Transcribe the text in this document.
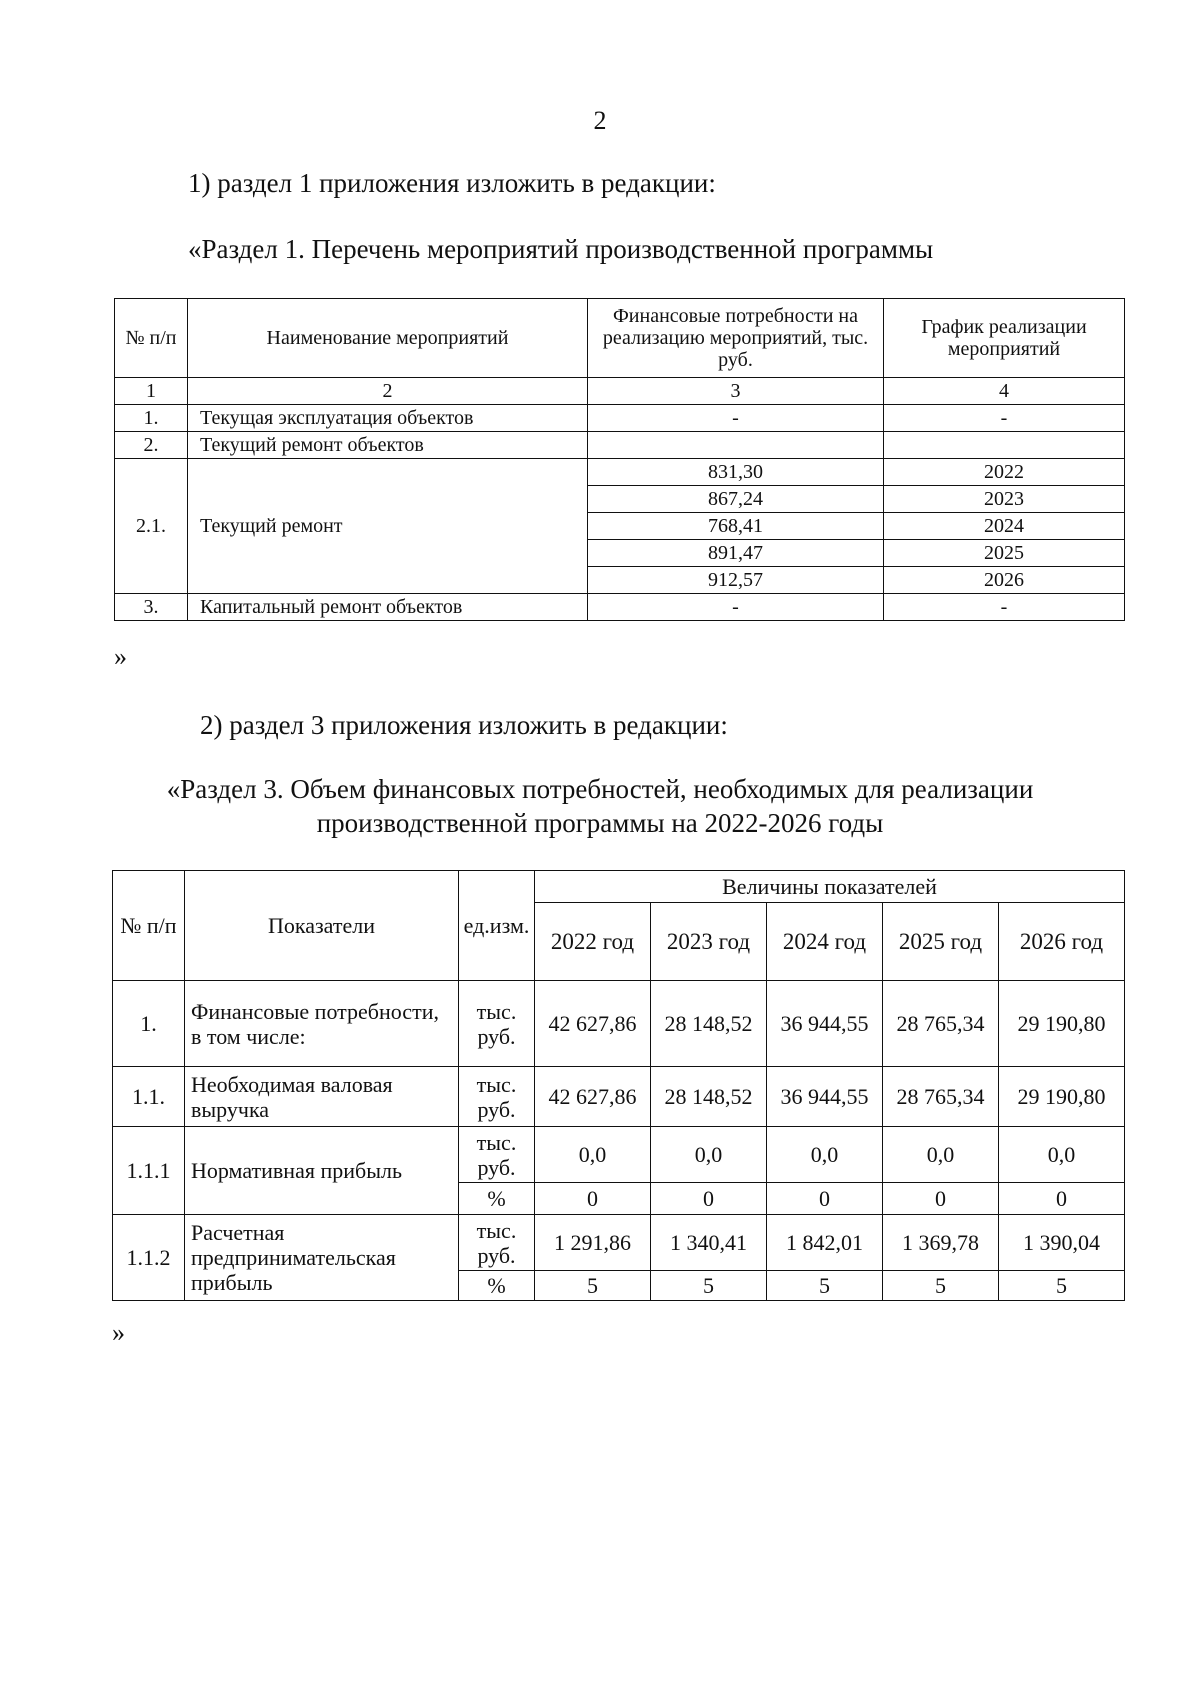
2
1) раздел 1 приложения изложить в редакции:
«Раздел 1. Перечень мероприятий производственной программы
№ п/п	Наименование мероприятий	Финансовые потребности на реализацию мероприятий, тыс. руб.	График реализации мероприятий
1	2	3	4
1.	Текущая эксплуатация объектов	-	-
2.	Текущий ремонт объектов		
2.1.	Текущий ремонт	831,30	2022
		867,24	2023
		768,41	2024
		891,47	2025
		912,57	2026
3.	Капитальный ремонт объектов	-	-
»
2) раздел 3 приложения изложить в редакции:
«Раздел 3. Объем финансовых потребностей, необходимых для реализации
производственной программы на 2022-2026 годы
№ п/п	Показатели	ед.изм.	Величины показателей				
			2022 год	2023 год	2024 год	2025 год	2026 год
1.	Финансовые потребности, в том числе:	тыс. руб.	42 627,86	28 148,52	36 944,55	28 765,34	29 190,80
1.1.	Необходимая валовая выручка	тыс. руб.	42 627,86	28 148,52	36 944,55	28 765,34	29 190,80
1.1.1	Нормативная прибыль	тыс. руб.	0,0	0,0	0,0	0,0	0,0
		%	0	0	0	0	0
1.1.2	Расчетная предпринимательская прибыль	тыс. руб.	1 291,86	1 340,41	1 842,01	1 369,78	1 390,04
		%	5	5	5	5	5
»
